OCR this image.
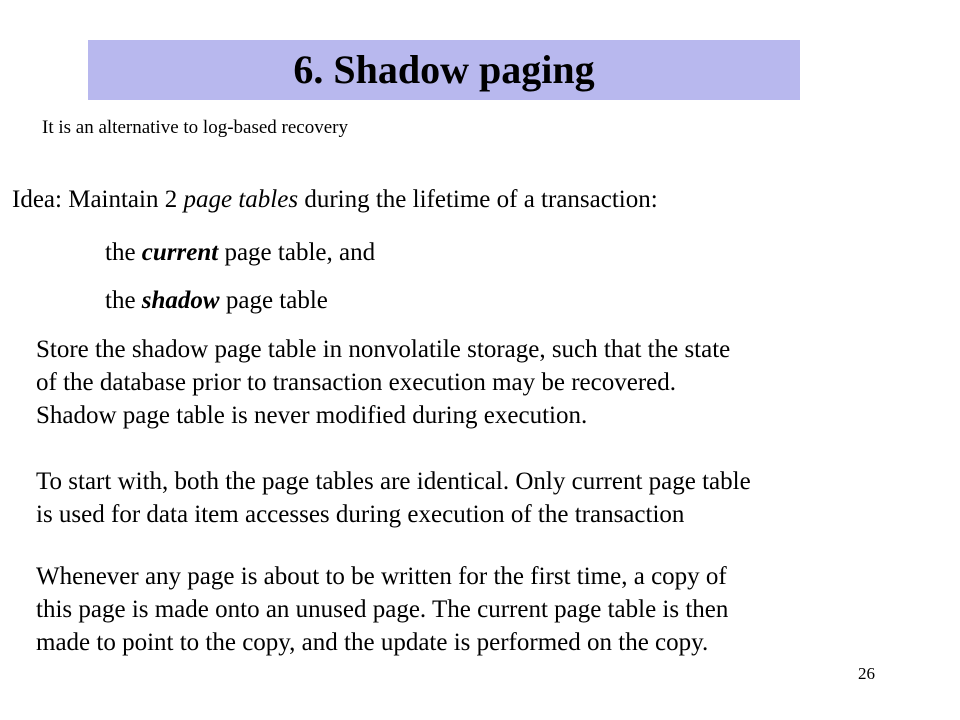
6. Shadow paging
It is an alternative to log-based recovery
Idea: Maintain 2 page tables during the lifetime of a transaction:
the current page table, and
the shadow page table
Store the shadow page table in nonvolatile storage, such that the state
of the database prior to transaction execution may be recovered.
Shadow page table is never modified during execution.
To start with, both the page tables are identical. Only current page table
is used for data item accesses during execution of the transaction
Whenever any page is about to be written for the first time, a copy of
this page is made onto an unused page. The current page table is then
made to point to the copy, and the update is performed on the copy.
26
